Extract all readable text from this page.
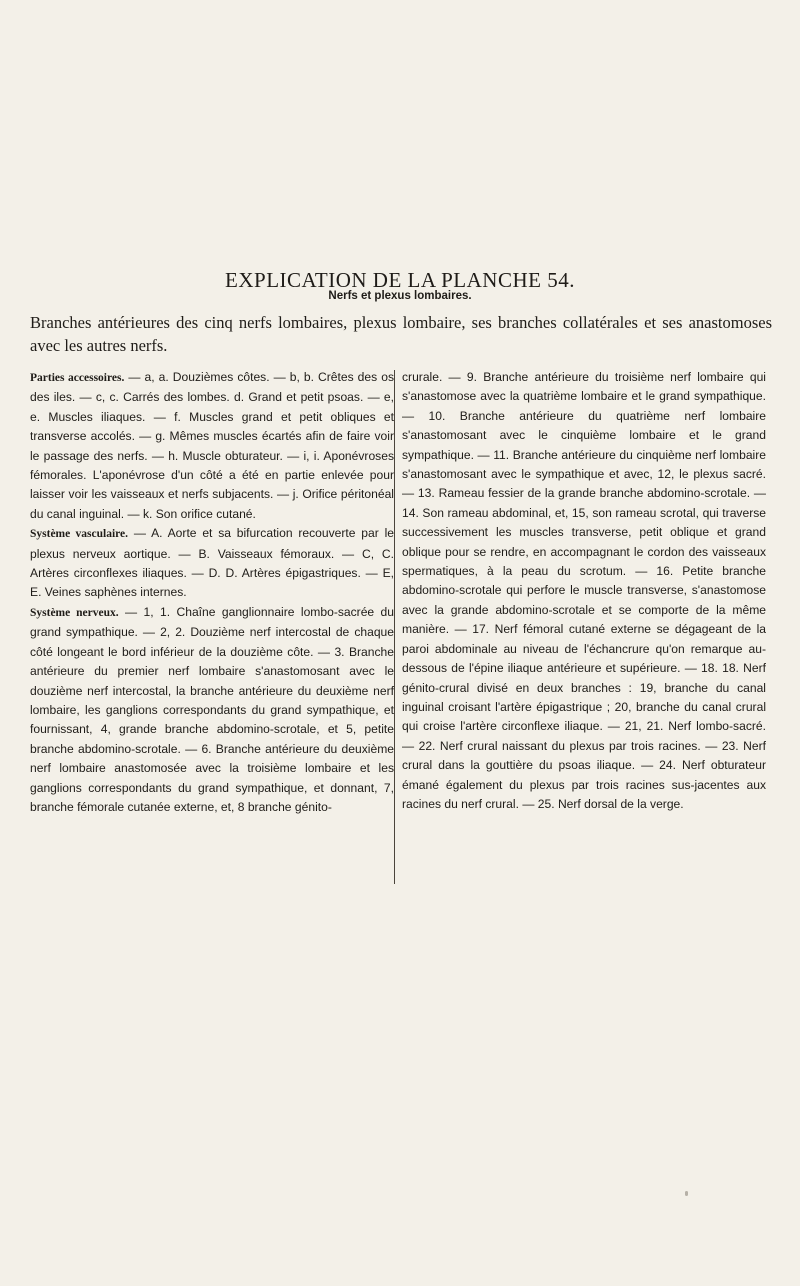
EXPLICATION DE LA PLANCHE 54.
Nerfs et plexus lombaires.
Branches antérieures des cinq nerfs lombaires, plexus lombaire, ses branches collatérales et ses anastomoses avec les autres nerfs.

Parties accessoires. — a, a. Douzièmes côtes. — b, b. Crêtes des os des iles. — c, c. Carrés des lombes. d. Grand et petit psoas. — e, e. Muscles iliaques. — f. Muscles grand et petit obliques et transverse accolés. — g. Mêmes muscles écartés afin de faire voir le passage des nerfs. — h. Muscle obturateur. — i, i. Aponévroses fémorales. L'aponévrose d'un côté a été en partie enlevée pour laisser voir les vaisseaux et nerfs subjacents. — j. Orifice péritonéal du canal inguinal. — k. Son orifice cutané.

Système vasculaire. — A. Aorte et sa bifurcation recouverte par le plexus nerveux aortique. — B. Vaisseaux fémoraux. — C, C. Artères circonflexes iliaques. — D. D. Artères épigastriques. — E, E. Veines saphènes internes.

Système nerveux. — 1, 1. Chaîne ganglionnaire lombo-sacrée du grand sympathique. — 2, 2. Douzième nerf intercostal de chaque côté longeant le bord inférieur de la douzième côte. — 3. Branche antérieure du premier nerf lombaire s'anastomosant avec le douzième nerf intercostal, la branche antérieure du deuxième nerf lombaire, les ganglions correspondants du grand sympathique, et fournissant, 4, grande branche abdomino-scrotale, et 5, petite branche abdomino-scrotale. — 6. Branche antérieure du deuxième nerf lombaire anastomosée avec la troisième lombaire et les ganglions correspondants du grand sympathique, et donnant, 7, branche fémorale cutanée externe, et, 8 branche génito-

crurale. — 9. Branche antérieure du troisième nerf lombaire qui s'anastomose avec la quatrième lombaire et le grand sympathique. — 10. Branche antérieure du quatrième nerf lombaire s'anastomosant avec le cinquième lombaire et le grand sympathique. — 11. Branche antérieure du cinquième nerf lombaire s'anastomosant avec le sympathique et avec, 12, le plexus sacré. — 13. Rameau fessier de la grande branche abdomino-scrotale. — 14. Son rameau abdominal, et, 15, son rameau scrotal, qui traverse successivement les muscles transverse, petit oblique et grand oblique pour se rendre, en accompagnant le cordon des vaisseaux spermatiques, à la peau du scrotum. — 16. Petite branche abdomino-scrotale qui perfore le muscle transverse, s'anastomose avec la grande abdomino-scrotale et se comporte de la même manière. — 17. Nerf fémoral cutané externe se dégageant de la paroi abdominale au niveau de l'échancrure qu'on remarque au-dessous de l'épine iliaque antérieure et supérieure. — 18. 18. Nerf génito-crural divisé en deux branches : 19, branche du canal inguinal croisant l'artère épigastrique ; 20, branche du canal crural qui croise l'artère circonflexe iliaque. — 21, 21. Nerf lombo-sacré. — 22. Nerf crural naissant du plexus par trois racines. — 23. Nerf crural dans la gouttière du psoas iliaque. — 24. Nerf obturateur émané également du plexus par trois racines sus-jacentes aux racines du nerf crural. — 25. Nerf dorsal de la verge.
